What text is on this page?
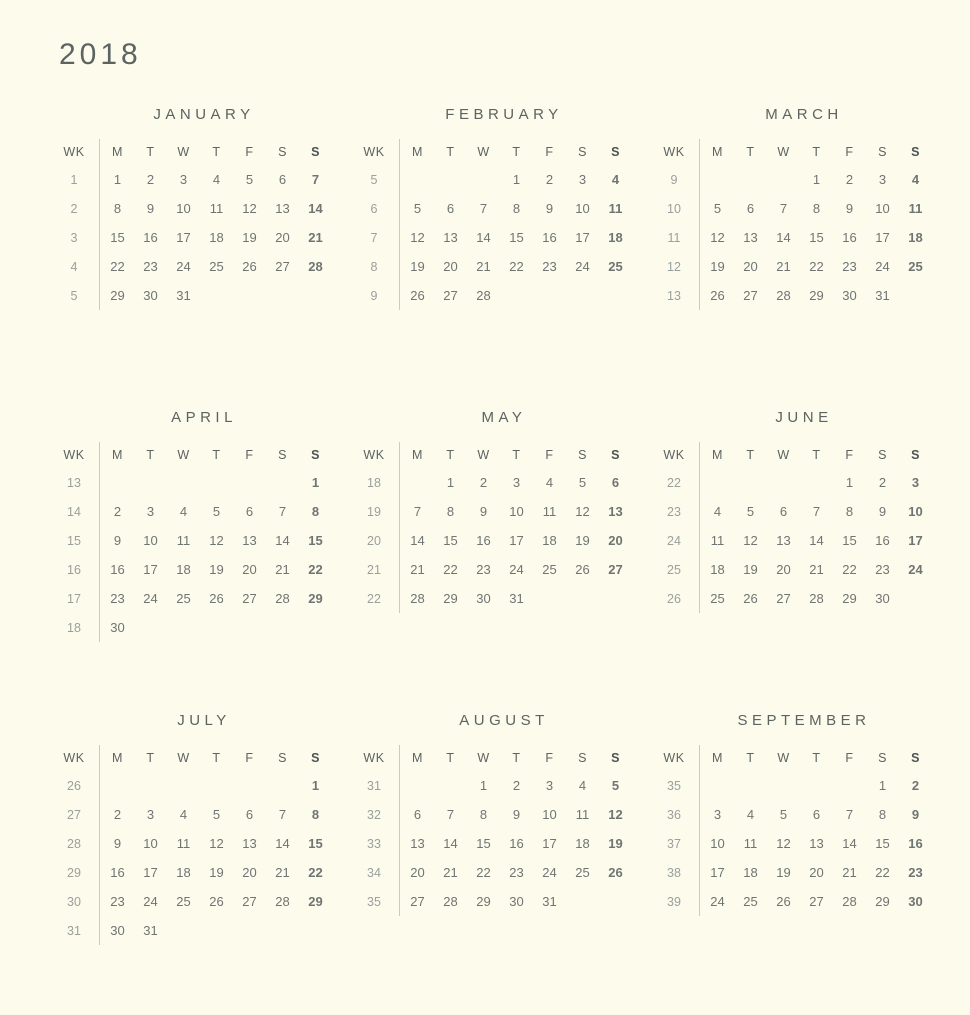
2018
JANUARY
WK		M	T	W	T	F	S	S
1		1	2	3	4	5	6	7
2		8	9	10	11	12	13	14
3		15	16	17	18	19	20	21
4		22	23	24	25	26	27	28
5		29	30	31				
FEBRUARY
WK		M	T	W	T	F	S	S
5					1	2	3	4
6		5	6	7	8	9	10	11
7		12	13	14	15	16	17	18
8		19	20	21	22	23	24	25
9		26	27	28				
MARCH
WK		M	T	W	T	F	S	S
9					1	2	3	4
10		5	6	7	8	9	10	11
11		12	13	14	15	16	17	18
12		19	20	21	22	23	24	25
13		26	27	28	29	30	31	
APRIL
WK		M	T	W	T	F	S	S
13								1
14		2	3	4	5	6	7	8
15		9	10	11	12	13	14	15
16		16	17	18	19	20	21	22
17		23	24	25	26	27	28	29
18		30						
MAY
WK		M	T	W	T	F	S	S
18			1	2	3	4	5	6
19		7	8	9	10	11	12	13
20		14	15	16	17	18	19	20
21		21	22	23	24	25	26	27
22		28	29	30	31			
JUNE
WK		M	T	W	T	F	S	S
22						1	2	3
23		4	5	6	7	8	9	10
24		11	12	13	14	15	16	17
25		18	19	20	21	22	23	24
26		25	26	27	28	29	30	
JULY
WK		M	T	W	T	F	S	S
26								1
27		2	3	4	5	6	7	8
28		9	10	11	12	13	14	15
29		16	17	18	19	20	21	22
30		23	24	25	26	27	28	29
31		30	31					
AUGUST
WK		M	T	W	T	F	S	S
31				1	2	3	4	5
32		6	7	8	9	10	11	12
33		13	14	15	16	17	18	19
34		20	21	22	23	24	25	26
35		27	28	29	30	31		
SEPTEMBER
WK		M	T	W	T	F	S	S
35							1	2
36		3	4	5	6	7	8	9
37		10	11	12	13	14	15	16
38		17	18	19	20	21	22	23
39		24	25	26	27	28	29	30
